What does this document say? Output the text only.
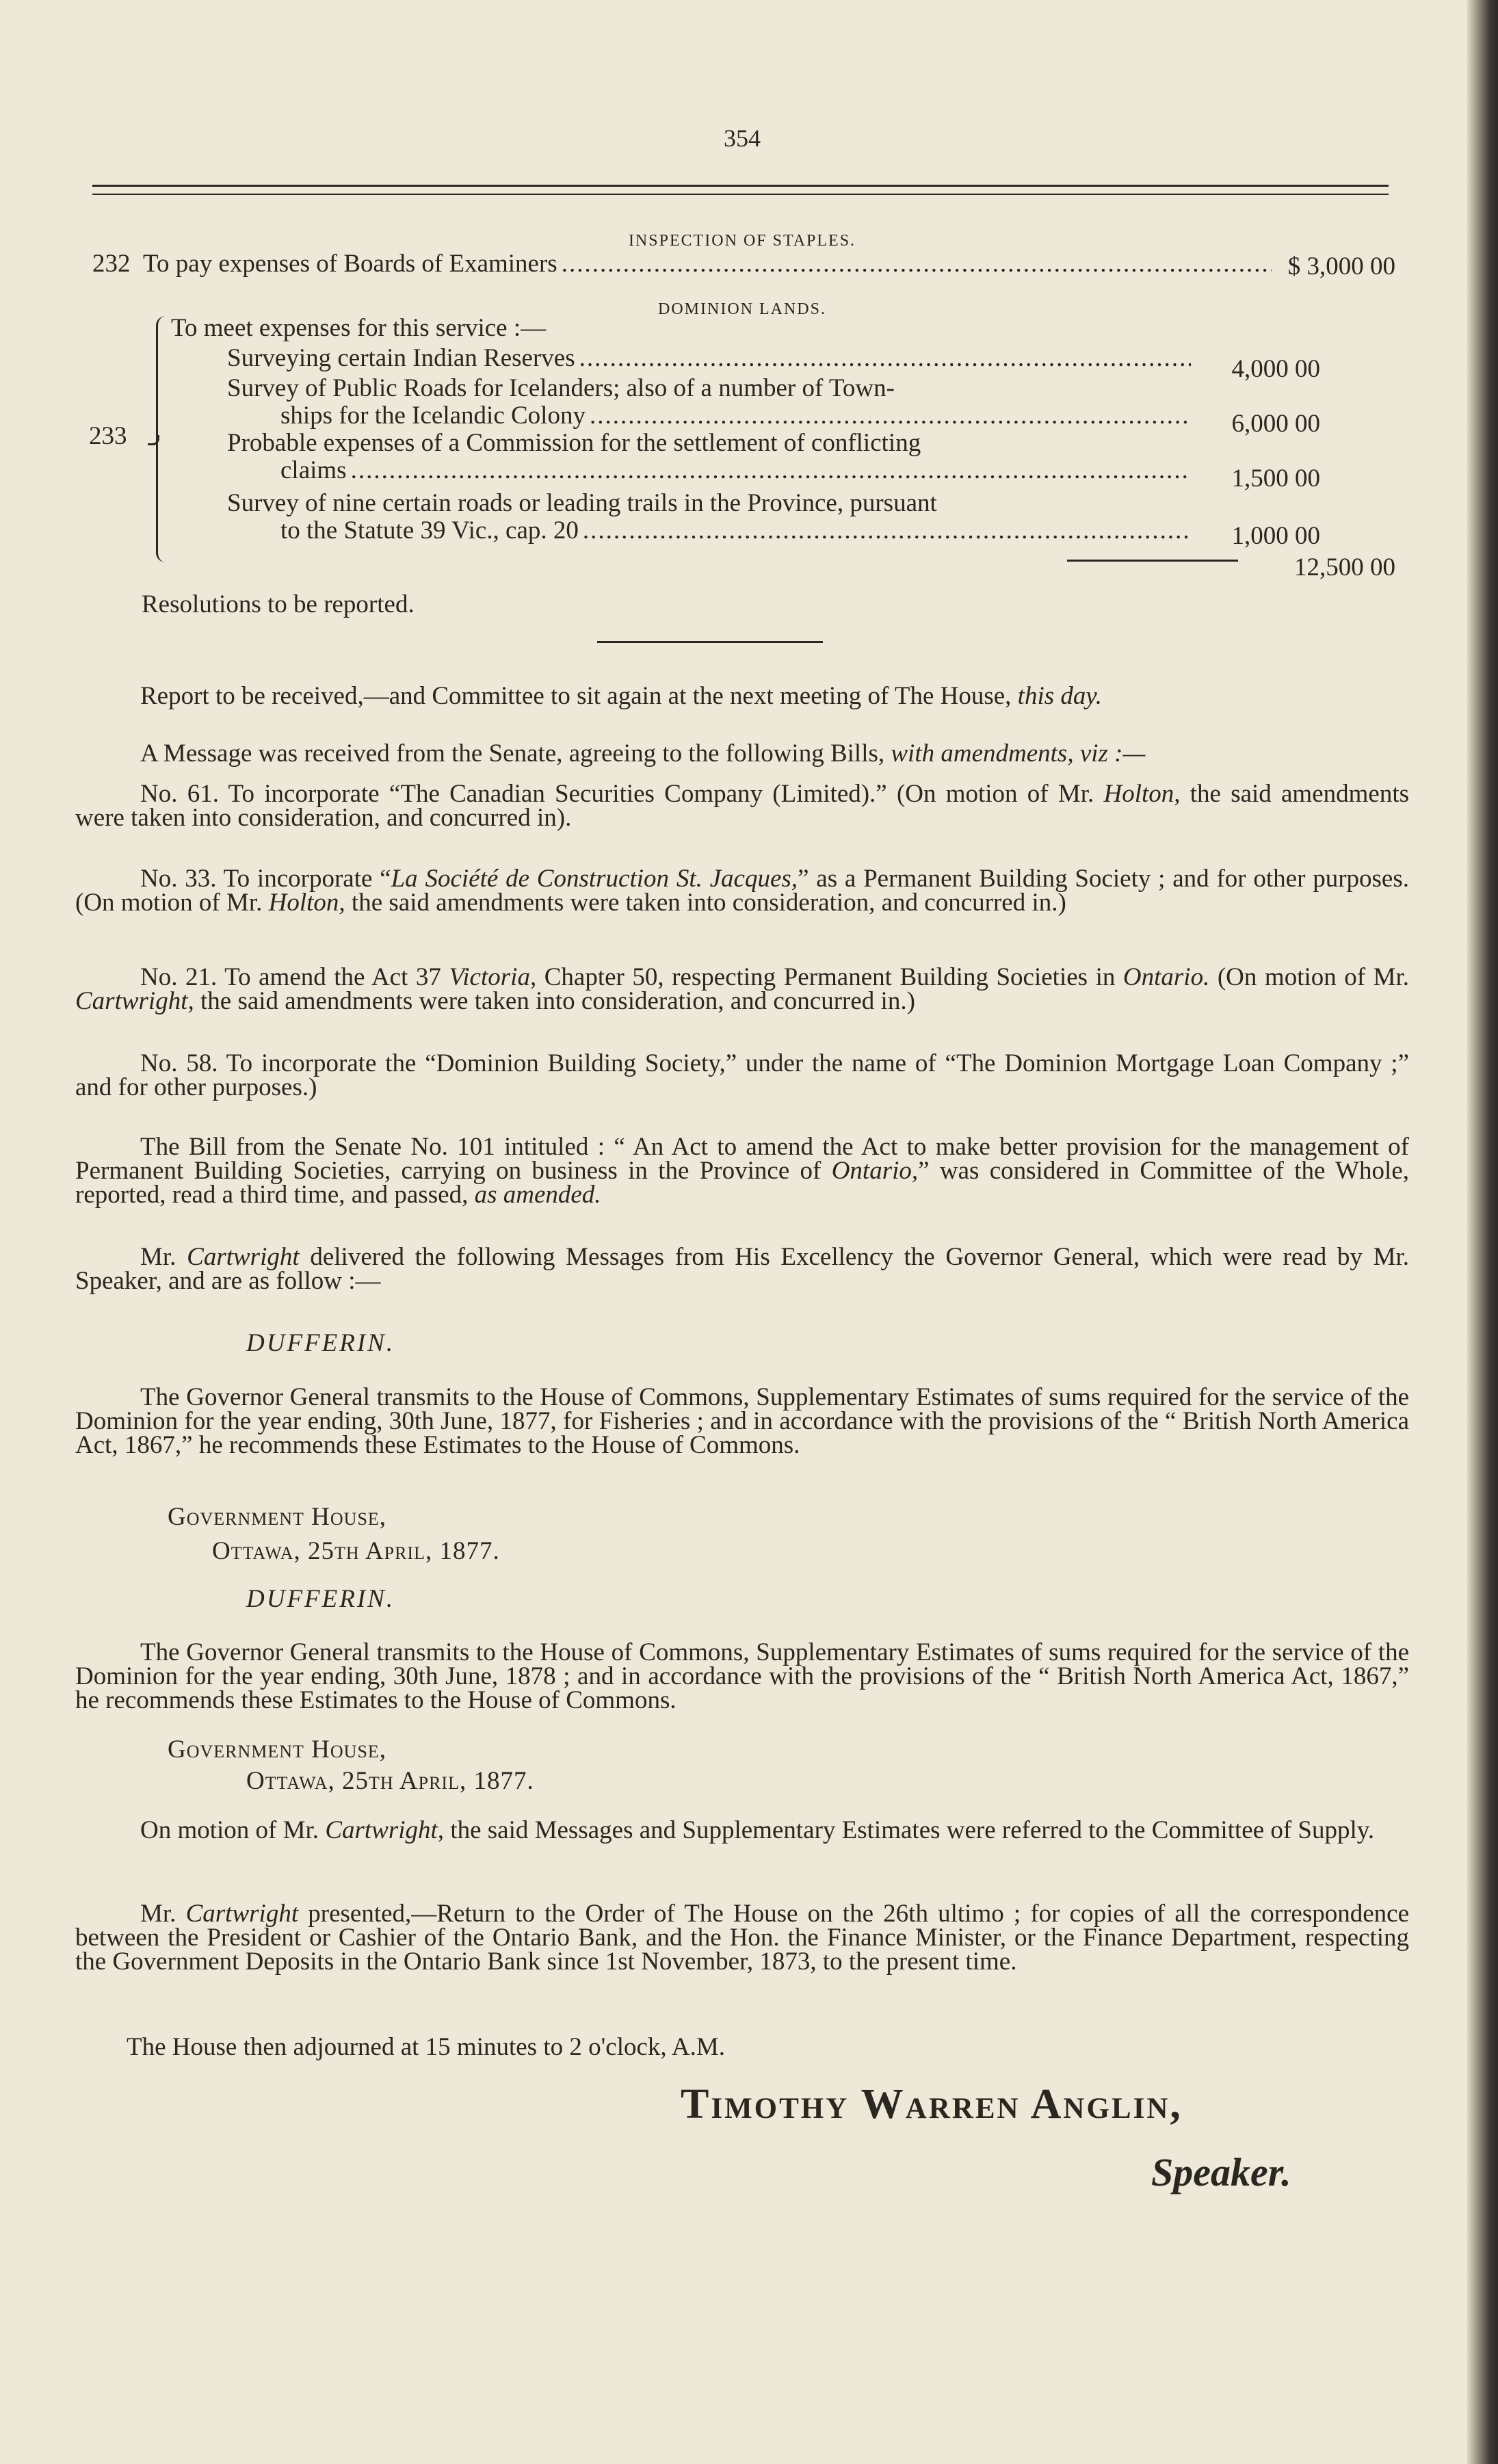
354
INSPECTION OF STAPLES.
232
To pay expenses of Boards of Examiners .....	$ 3,000 00
DOMINION LANDS.
233
To meet expenses for this service :—
Surveying certain Indian Reserves .....	4,000 00
Survey of Public Roads for Icelanders; also of a number of Town-
ships for the Icelandic Colony .....	6,000 00
Probable expenses of a Commission for the settlement of conflicting
claims .....	1,500 00
Survey of nine certain roads or leading trails in the Province, pursuant
to the Statute 39 Vic., cap. 20 .....	1,000 00
12,500 00
Resolutions to be reported.
Report to be received,—and Committee to sit again at the next meeting of The House, this day.
A Message was received from the Senate, agreeing to the following Bills, with amendments, viz :—
No. 61. To incorporate “The Canadian Securities Company (Limited).” (On motion of Mr. Holton, the said amendments were taken into consideration, and concurred in).
No. 33. To incorporate “La Société de Construction St. Jacques,” as a Permanent Building Society ; and for other purposes. (On motion of Mr. Holton, the said amendments were taken into consideration, and concurred in.)
No. 21. To amend the Act 37 Victoria, Chapter 50, respecting Permanent Building Societies in Ontario. (On motion of Mr. Cartwright, the said amendments were taken into consideration, and concurred in.)
No. 58. To incorporate the “Dominion Building Society,” under the name of “The Dominion Mortgage Loan Company ;” and for other purposes.)
The Bill from the Senate No. 101 intituled : “ An Act to amend the Act to make better provision for the management of Permanent Building Societies, carrying on business in the Province of Ontario,” was considered in Committee of the Whole, reported, read a third time, and passed, as amended.
Mr. Cartwright delivered the following Messages from His Excellency the Governor General, which were read by Mr. Speaker, and are as follow :—
DUFFERIN.
The Governor General transmits to the House of Commons, Supplementary Estimates of sums required for the service of the Dominion for the year ending, 30th June, 1877, for Fisheries ; and in accordance with the provisions of the “ British North America Act, 1867,” he recommends these Estimates to the House of Commons.
Government House,
Ottawa, 25th April, 1877.
DUFFERIN.
The Governor General transmits to the House of Commons, Supplementary Estimates of sums required for the service of the Dominion for the year ending, 30th June, 1878 ; and in accordance with the provisions of the “ British North America Act, 1867,” he recommends these Estimates to the House of Commons.
Government House,
Ottawa, 25th April, 1877.
On motion of Mr. Cartwright, the said Messages and Supplementary Estimates were referred to the Committee of Supply.
Mr. Cartwright presented,—Return to the Order of The House on the 26th ultimo ; for copies of all the correspondence between the President or Cashier of the Ontario Bank, and the Hon. the Finance Minister, or the Finance Department, respecting the Government Deposits in the Ontario Bank since 1st November, 1873, to the present time.
The House then adjourned at 15 minutes to 2 o'clock, A.M.
Timothy Warren Anglin,
Speaker.
